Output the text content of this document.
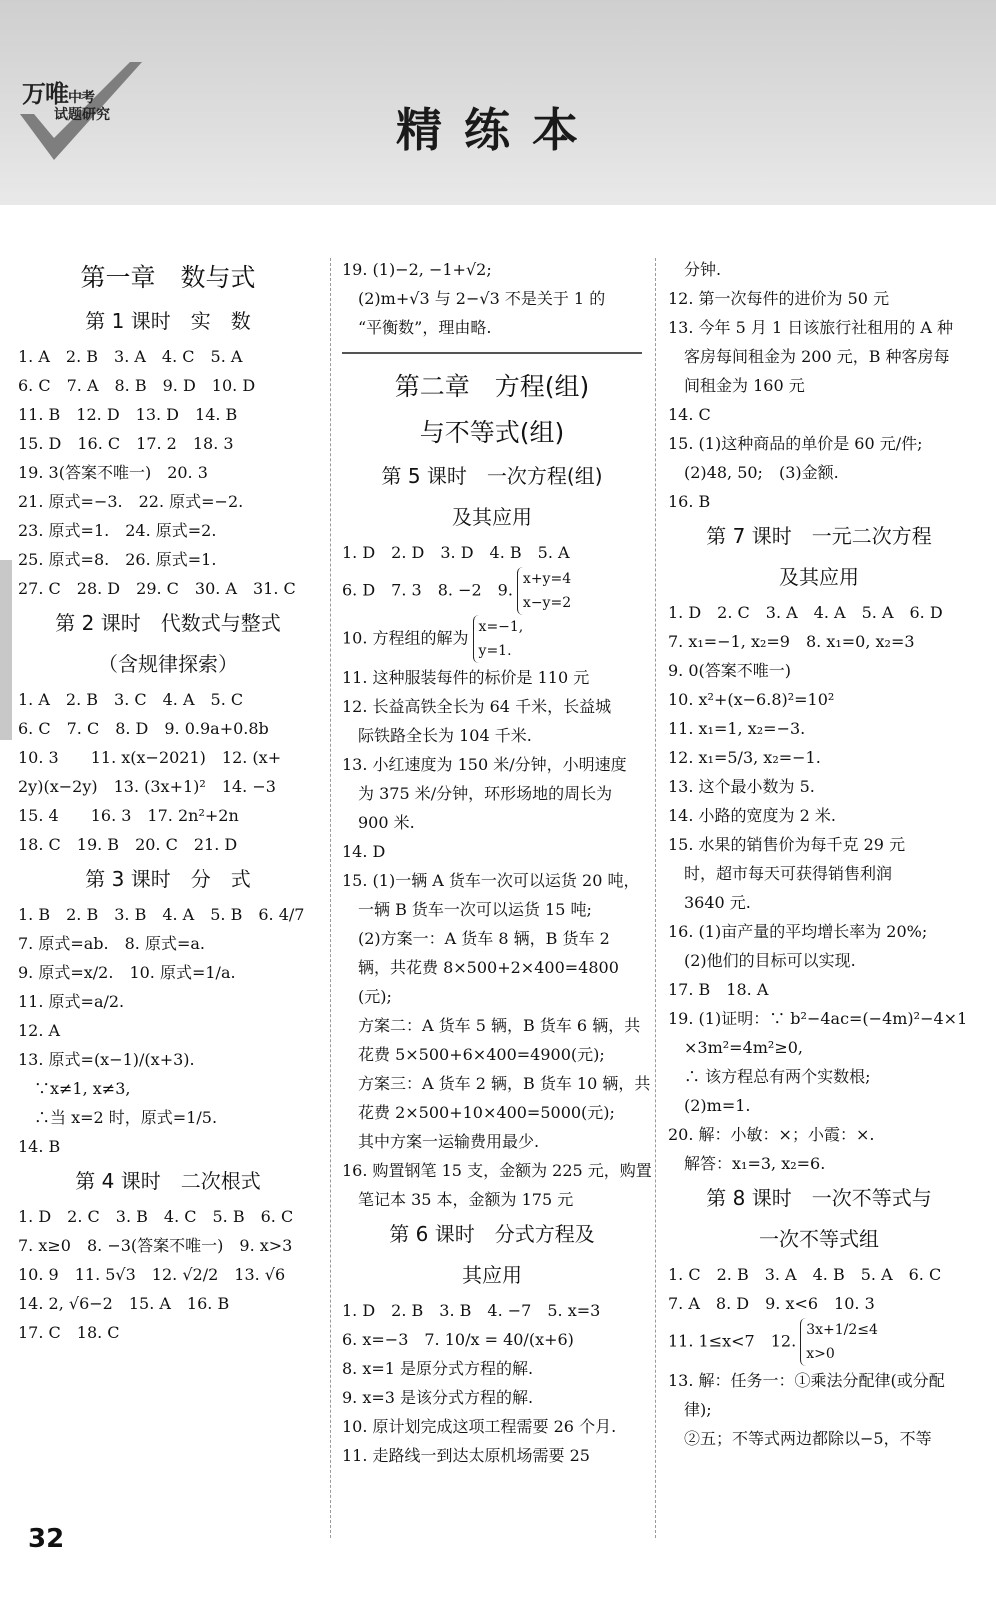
万唯中考
试题研究	精练本
第一章　数与式
第 1 课时　实　数
1. A　2. B　3. A　4. C　5. A
6. C　7. A　8. B　9. D　10. D
11. B　12. D　13. D　14. B
15. D　16. C　17. 2　18. 3
19. 3(答案不唯一)　20. 3
21. 原式=−3.　22. 原式=−2.
23. 原式=1.　24. 原式=2.
25. 原式=8.　26. 原式=1.
27. C　28. D　29. C　30. A　31. C
第 2 课时　代数式与整式
（含规律探索）
1. A　2. B　3. C　4. A　5. C
6. C　7. C　8. D　9. 0.9a+0.8b
10. 3　　11. x(x−2021)　12. (x+
2y)(x−2y)　13. (3x+1)²　14. −3
15. 4　　16. 3　17. 2n²+2n
18. C　19. B　20. C　21. D
第 3 课时　分　式
1. B　2. B　3. B　4. A　5. B　6. 4/7
7. 原式=ab.　8. 原式=a.
9. 原式=x/2.　10. 原式=1/a.
11. 原式=a/2.
12. A
13. 原式=(x−1)/(x+3).
　∵x≠1, x≠3,
　∴当 x=2 时，原式=1/5.
14. B
第 4 课时　二次根式
1. D　2. C　3. B　4. C　5. B　6. C
7. x≥0　8. −3(答案不唯一)　9. x>3
10. 9　11. 5√3　12. √2/2　13. √6
14. 2, √6−2　15. A　16. B
17. C　18. C
19. (1)−2, −1+√2;
　(2)m+√3 与 2−√3 不是关于 1 的
　“平衡数”，理由略.
第二章　方程(组)
与不等式(组)
第 5 课时　一次方程(组)
及其应用
1. D　2. D　3. D　4. B　5. A
6. D　7. 3　8. −2　9.
x+y=4
x−y=2
10. 方程组的解为
x=−1,
y=1.
11. 这种服装每件的标价是 110 元
12. 长益高铁全长为 64 千米，长益城
　际铁路全长为 104 千米.
13. 小红速度为 150 米/分钟，小明速度
　为 375 米/分钟，环形场地的周长为
　900 米.
14. D
15. (1)一辆 A 货车一次可以运货 20 吨，
　一辆 B 货车一次可以运货 15 吨;
　(2)方案一：A 货车 8 辆，B 货车 2
　辆，共花费 8×500+2×400=4800
　(元);
　方案二：A 货车 5 辆，B 货车 6 辆，共
　花费 5×500+6×400=4900(元);
　方案三：A 货车 2 辆，B 货车 10 辆，共
　花费 2×500+10×400=5000(元);
　其中方案一运输费用最少.
16. 购置钢笔 15 支，金额为 225 元，购置
　笔记本 35 本，金额为 175 元
第 6 课时　分式方程及
其应用
1. D　2. B　3. B　4. −7　5. x=3
6. x=−3　7. 10/x = 40/(x+6)
8. x=1 是原分式方程的解.
9. x=3 是该分式方程的解.
10. 原计划完成这项工程需要 26 个月.
11. 走路线一到达太原机场需要 25
　分钟.
12. 第一次每件的进价为 50 元
13. 今年 5 月 1 日该旅行社租用的 A 种
　客房每间租金为 200 元，B 种客房每
　间租金为 160 元
14. C
15. (1)这种商品的单价是 60 元/件;
　(2)48, 50;　(3)金额.
16. B
第 7 课时　一元二次方程
及其应用
1. D　2. C　3. A　4. A　5. A　6. D
7. x₁=−1, x₂=9　8. x₁=0, x₂=3
9. 0(答案不唯一)
10. x²+(x−6.8)²=10²
11. x₁=1, x₂=−3.
12. x₁=5/3, x₂=−1.
13. 这个最小数为 5.
14. 小路的宽度为 2 米.
15. 水果的销售价为每千克 29 元
　时，超市每天可获得销售利润
　3640 元.
16. (1)亩产量的平均增长率为 20%;
　(2)他们的目标可以实现.
17. B　18. A
19. (1)证明：∵ b²−4ac=(−4m)²−4×1
　×3m²=4m²≥0,
　∴ 该方程总有两个实数根;
　(2)m=1.
20. 解：小敏：×；小霞：×.
　解答：x₁=3, x₂=6.
第 8 课时　一次不等式与
一次不等式组
1. C　2. B　3. A　4. B　5. A　6. C
7. A　8. D　9. x<6　10. 3
11. 1≤x<7　12.
3x+1/2≤4
x>0
13. 解：任务一：①乘法分配律(或分配
　律);
　②五；不等式两边都除以−5，不等
32
